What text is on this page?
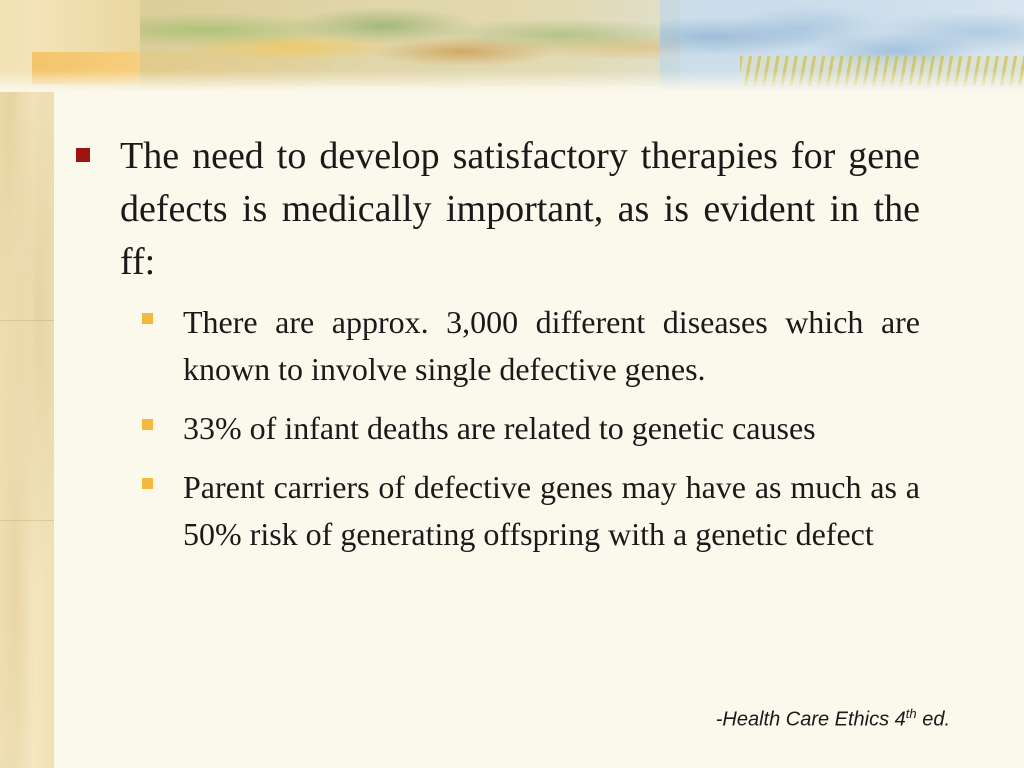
The need to develop satisfactory therapies for gene defects is medically important, as is evident in the ff:
There are approx. 3,000 different diseases which are known to involve single defective genes.
33% of infant deaths are related to genetic causes
Parent carriers of defective genes may have as much as a 50% risk of generating offspring with a genetic defect
-Health Care Ethics 4th ed.
